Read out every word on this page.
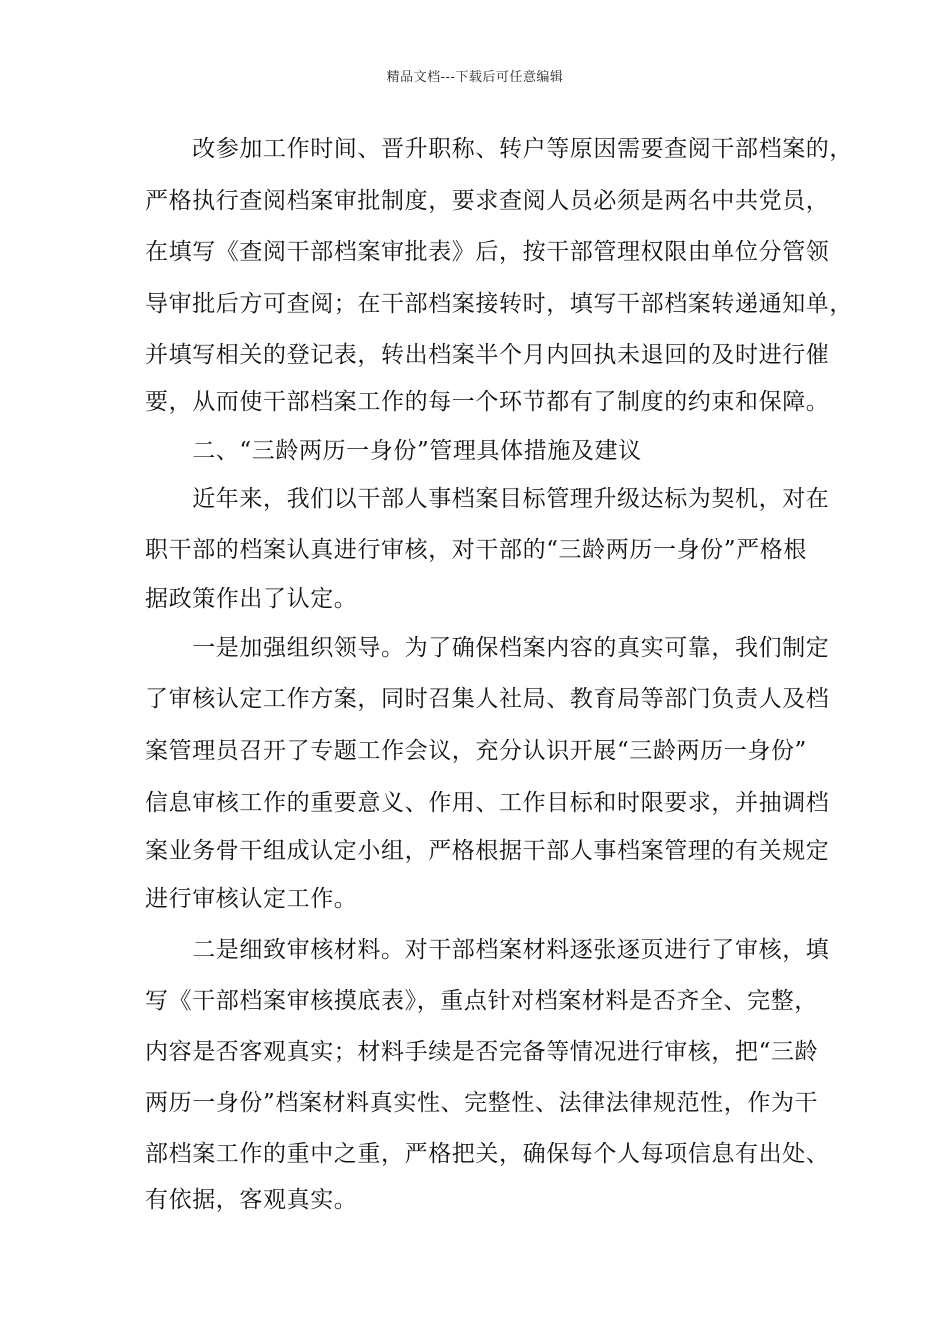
精品文档---下载后可任意编辑
　　改参加工作时间、晋升职称、转户等原因需要查阅干部档案的，
严格执行查阅档案审批制度，要求查阅人员必须是两名中共党员，
在填写《查阅干部档案审批表》后，按干部管理权限由单位分管领
导审批后方可查阅；在干部档案接转时，填写干部档案转递通知单，
并填写相关的登记表，转出档案半个月内回执未退回的及时进行催
要，从而使干部档案工作的每一个环节都有了制度的约束和保障。
　　二、“三龄两历一身份”管理具体措施及建议
　　近年来，我们以干部人事档案目标管理升级达标为契机，对在
职干部的档案认真进行审核，对干部的“三龄两历一身份”严格根
据政策作出了认定。
　　一是加强组织领导。为了确保档案内容的真实可靠，我们制定
了审核认定工作方案，同时召集人社局、教育局等部门负责人及档
案管理员召开了专题工作会议，充分认识开展“三龄两历一身份”
信息审核工作的重要意义、作用、工作目标和时限要求，并抽调档
案业务骨干组成认定小组，严格根据干部人事档案管理的有关规定
进行审核认定工作。
　　二是细致审核材料。对干部档案材料逐张逐页进行了审核，填
写《干部档案审核摸底表》，重点针对档案材料是否齐全、完整，
内容是否客观真实；材料手续是否完备等情况进行审核，把“三龄
两历一身份”档案材料真实性、完整性、法律法律规范性，作为干
部档案工作的重中之重，严格把关，确保每个人每项信息有出处、
有依据，客观真实。
